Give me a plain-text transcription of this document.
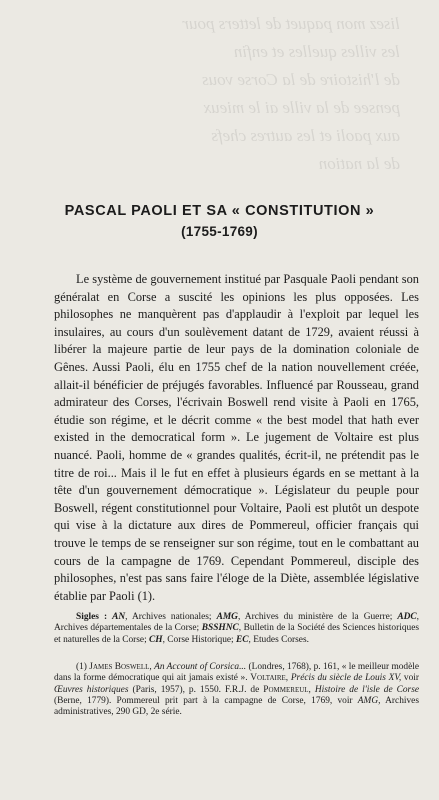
lisez mon paquet de letters pour
les villes quelles et enfin
de l'histoire de la Corse vous
pensee de la ville ai le mieux
aux paoli et les autres chefs
de la nation
PASCAL PAOLI ET SA « CONSTITUTION »
(1755-1769)

Le système de gouvernement institué par Pasquale Paoli pendant son généralat en Corse a suscité les opinions les plus opposées. Les philosophes ne manquèrent pas d'applaudir à l'exploit par lequel les insulaires, au cours d'un soulèvement datant de 1729, avaient réussi à libérer la majeure partie de leur pays de la domination coloniale de Gênes. Aussi Paoli, élu en 1755 chef de la nation nouvellement créée, allait-il bénéficier de préjugés favorables. Influencé par Rousseau, grand admirateur des Corses, l'écrivain Boswell rend visite à Paoli en 1765, étudie son régime, et le décrit comme « the best model that hath ever existed in the democratical form ». Le jugement de Voltaire est plus nuancé. Paoli, homme de « grandes qualités, écrit-il, ne prétendit pas le titre de roi... Mais il le fut en effet à plusieurs égards en se mettant à la tête d'un gouvernement démocratique ». Législateur du peuple pour Boswell, régent constitutionnel pour Voltaire, Paoli est plutôt un despote qui vise à la dictature aux dires de Pommereul, officier français qui trouve le temps de se renseigner sur son régime, tout en le combattant au cours de la campagne de 1769. Cependant Pommereul, disciple des philosophes, n'est pas sans faire l'éloge de la Diète, assemblée législative établie par Paoli (1).

Sigles : AN, Archives nationales; AMG, Archives du ministère de la Guerre; ADC, Archives départementales de la Corse; BSSHNC, Bulletin de la Société des Sciences historiques et naturelles de la Corse; CH, Corse Historique; EC, Etudes Corses.

(1) James Boswell, An Account of Corsica... (Londres, 1768), p. 161, « le meilleur modèle dans la forme démocratique qui ait jamais existé ». Voltaire, Précis du siècle de Louis XV, voir Œuvres historiques (Paris, 1957), p. 1550. F.R.J. de Pommereul, Histoire de l'isle de Corse (Berne, 1779). Pommereul prit part à la campagne de Corse, 1769, voir AMG, Archives administratives, 290 GD, 2e série.
